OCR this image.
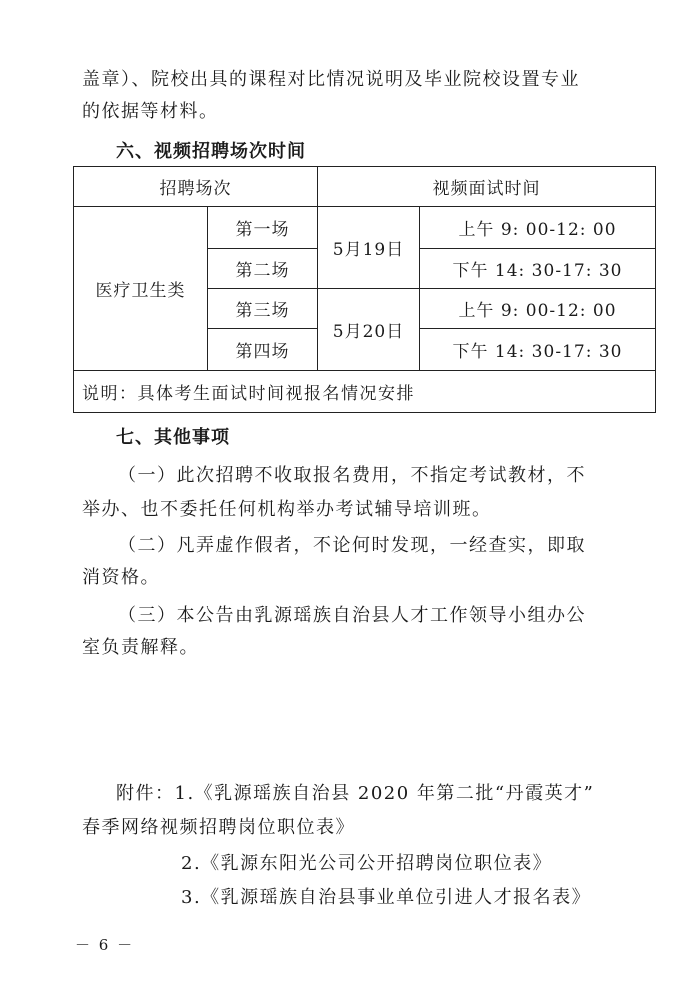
盖章）、院校出具的课程对比情况说明及毕业院校设置专业
的依据等材料。
六、视频招聘场次时间
招聘场次		视频面试时间	
医疗卫生类	第一场	5月19日	上午 9: 00-12: 00
	第二场		下午 14: 30-17: 30
	第三场	5月20日	上午 9: 00-12: 00
	第四场		下午 14: 30-17: 30
说明：具体考生面试时间视报名情况安排			
七、其他事项
（一）此次招聘不收取报名费用，不指定考试教材，不
举办、也不委托任何机构举办考试辅导培训班。
（二）凡弄虚作假者，不论何时发现，一经查实，即取
消资格。
（三）本公告由乳源瑶族自治县人才工作领导小组办公
室负责解释。
附件：1.《乳源瑶族自治县 2020 年第二批“丹霞英才”
春季网络视频招聘岗位职位表》
2.《乳源东阳光公司公开招聘岗位职位表》
3.《乳源瑶族自治县事业单位引进人才报名表》
－ 6 －
